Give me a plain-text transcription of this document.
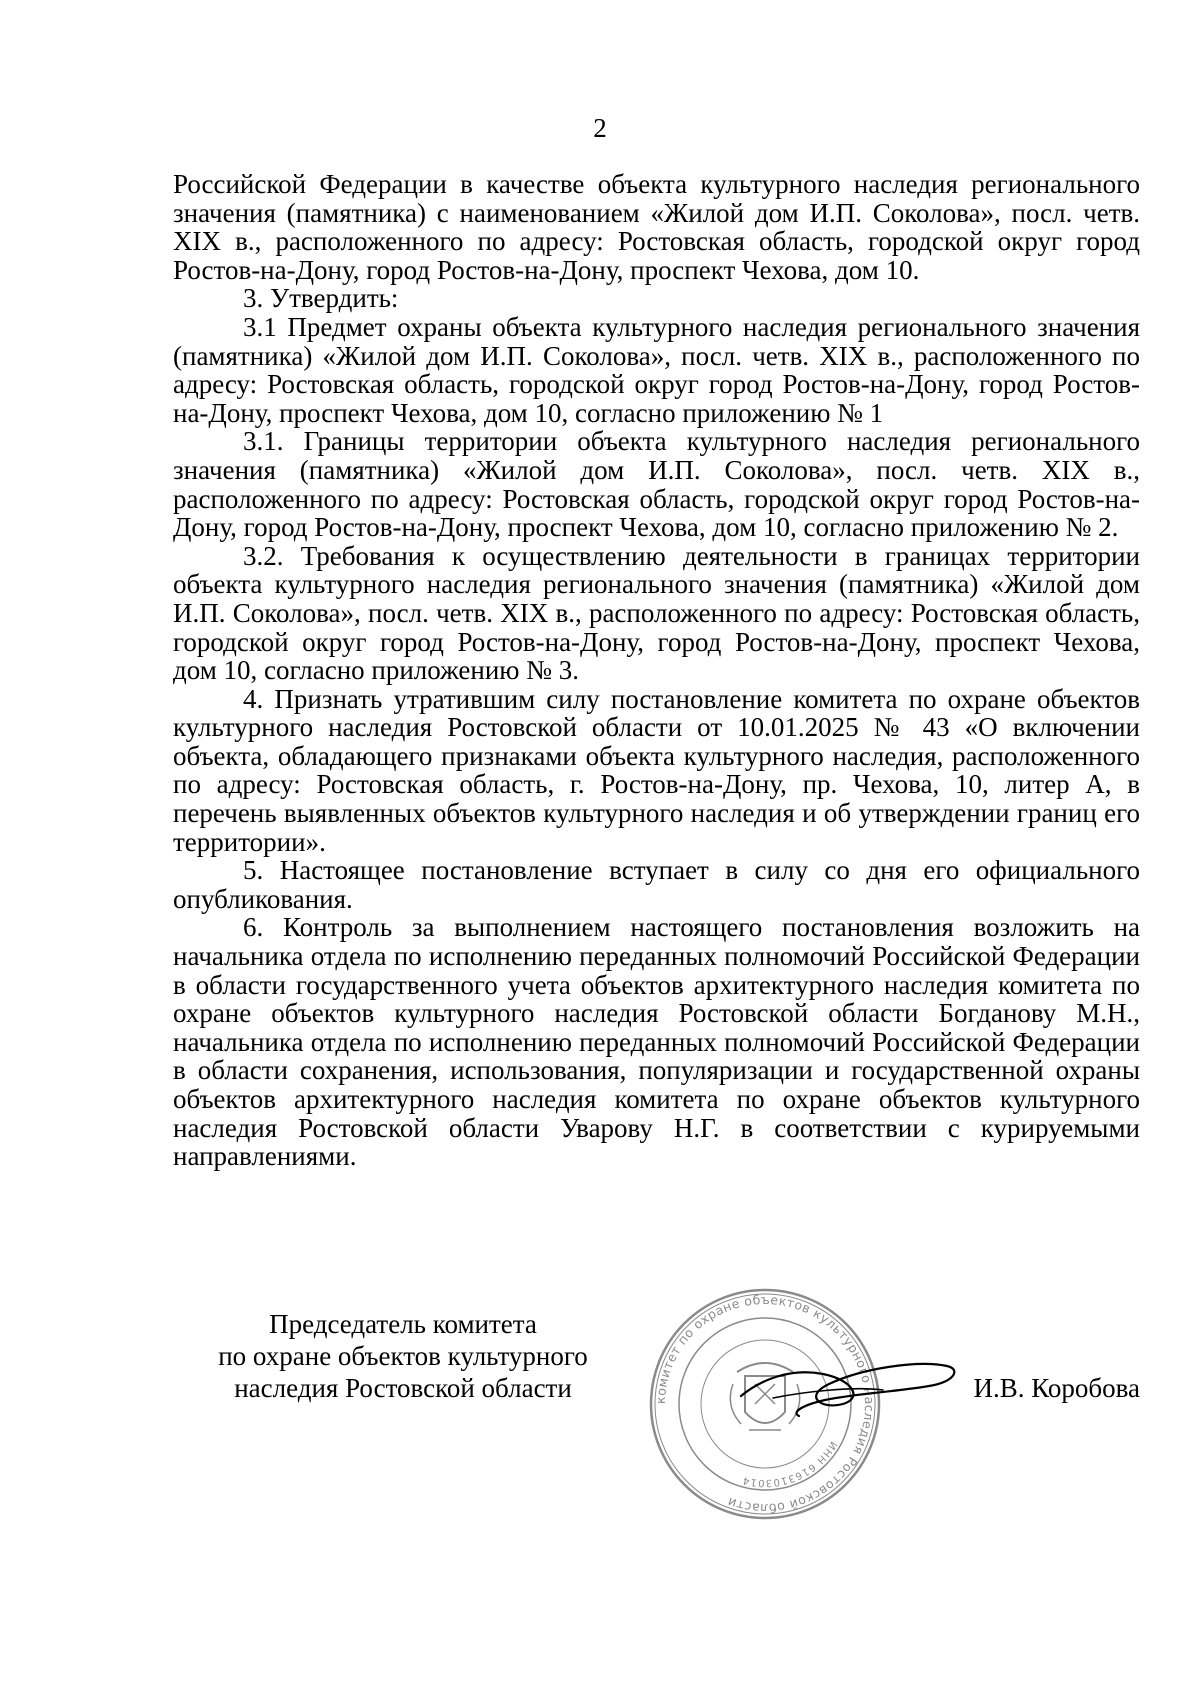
2

Российской Федерации в качестве объекта культурного наследия регионального значения (памятника) с наименованием «Жилой дом И.П. Соколова», посл. четв. XIX в., расположенного по адресу: Ростовская область, городской округ город Ростов-на-Дону, город Ростов-на-Дону, проспект Чехова, дом 10.

3. Утвердить:

3.1 Предмет охраны объекта культурного наследия регионального значения (памятника) «Жилой дом И.П. Соколова», посл. четв. XIX в., расположенного по адресу: Ростовская область, городской округ город Ростов-на-Дону, город Ростов-на-Дону, проспект Чехова, дом 10, согласно приложению № 1

3.1. Границы территории объекта культурного наследия регионального значения (памятника) «Жилой дом И.П. Соколова», посл. четв. XIX в., расположенного по адресу: Ростовская область, городской округ город Ростов-на-Дону, город Ростов-на-Дону, проспект Чехова, дом 10, согласно приложению № 2.

3.2. Требования к осуществлению деятельности в границах территории объекта культурного наследия регионального значения (памятника) «Жилой дом И.П. Соколова», посл. четв. XIX в., расположенного по адресу: Ростовская область, городской округ город Ростов-на-Дону, город Ростов-на-Дону, проспект Чехова, дом 10, согласно приложению № 3.

4. Признать утратившим силу постановление комитета по охране объектов культурного наследия Ростовской области от 10.01.2025 № 43 «О включении объекта, обладающего признаками объекта культурного наследия, расположенного по адресу: Ростовская область, г. Ростов-на-Дону, пр. Чехова, 10, литер А, в перечень выявленных объектов культурного наследия и об утверждении границ его территории».

5. Настоящее постановление вступает в силу со дня его официального опубликования.

6. Контроль за выполнением настоящего постановления возложить на начальника отдела по исполнению переданных полномочий Российской Федерации в области государственного учета объектов архитектурного наследия комитета по охране объектов культурного наследия Ростовской области Богданову М.Н., начальника отдела по исполнению переданных полномочий Российской Федерации в области сохранения, использования, популяризации и государственной охраны объектов архитектурного наследия комитета по охране объектов культурного наследия Ростовской области Уварову Н.Г. в соответствии с курируемыми направлениями.

Председатель комитета
по охране объектов культурного
наследия Ростовской области	комитет по охране объектов культурного наследия Ростовской области
ИНН 6163103014
И.В. Коробова
